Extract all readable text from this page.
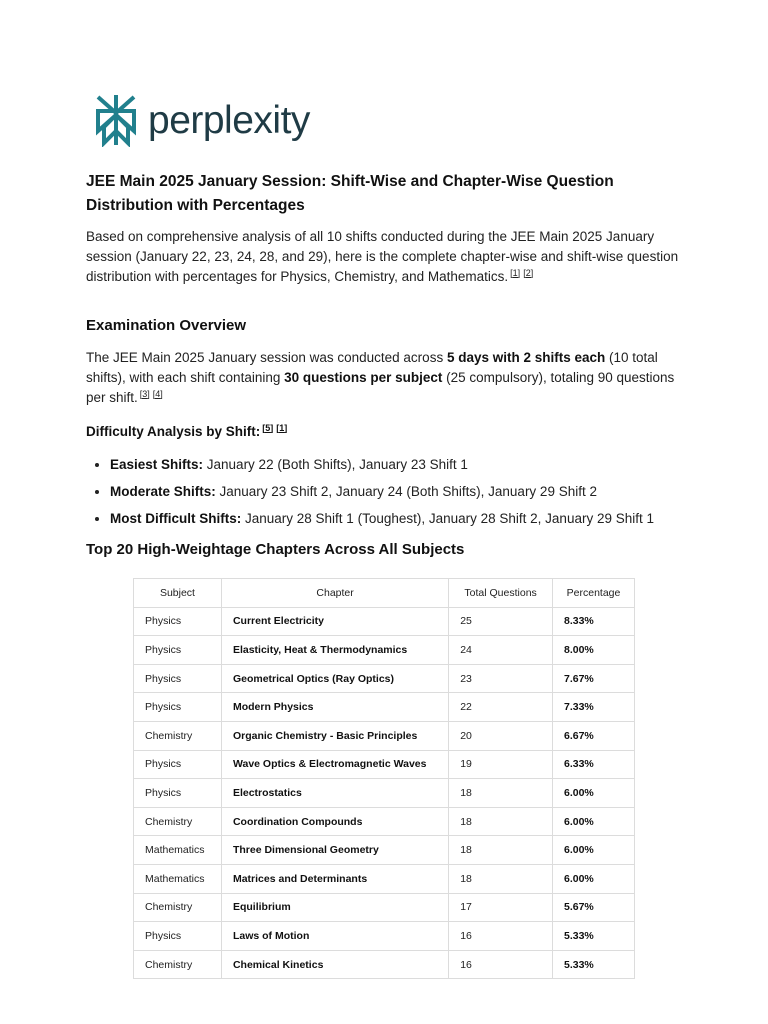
perplexity
JEE Main 2025 January Session: Shift-Wise and Chapter-Wise Question Distribution with Percentages

Based on comprehensive analysis of all 10 shifts conducted during the JEE Main 2025 January session (January 22, 23, 24, 28, and 29), here is the complete chapter-wise and shift-wise question distribution with percentages for Physics, Chemistry, and Mathematics. [1] [2]

Examination Overview

The JEE Main 2025 January session was conducted across 5 days with 2 shifts each (10 total shifts), with each shift containing 30 questions per subject (25 compulsory), totaling 90 questions per shift. [3] [4]

Difficulty Analysis by Shift: [5] [1]
• Easiest Shifts: January 22 (Both Shifts), January 23 Shift 1
• Moderate Shifts: January 23 Shift 2, January 24 (Both Shifts), January 29 Shift 2
• Most Difficult Shifts: January 28 Shift 1 (Toughest), January 28 Shift 2, January 29 Shift 1
Top 20 High-Weightage Chapters Across All Subjects
Subject	Chapter	Total Questions	Percentage
Physics	Current Electricity	25	8.33%
Physics	Elasticity, Heat & Thermodynamics	24	8.00%
Physics	Geometrical Optics (Ray Optics)	23	7.67%
Physics	Modern Physics	22	7.33%
Chemistry	Organic Chemistry - Basic Principles	20	6.67%
Physics	Wave Optics & Electromagnetic Waves	19	6.33%
Physics	Electrostatics	18	6.00%
Chemistry	Coordination Compounds	18	6.00%
Mathematics	Three Dimensional Geometry	18	6.00%
Mathematics	Matrices and Determinants	18	6.00%
Chemistry	Equilibrium	17	5.67%
Physics	Laws of Motion	16	5.33%
Chemistry	Chemical Kinetics	16	5.33%
